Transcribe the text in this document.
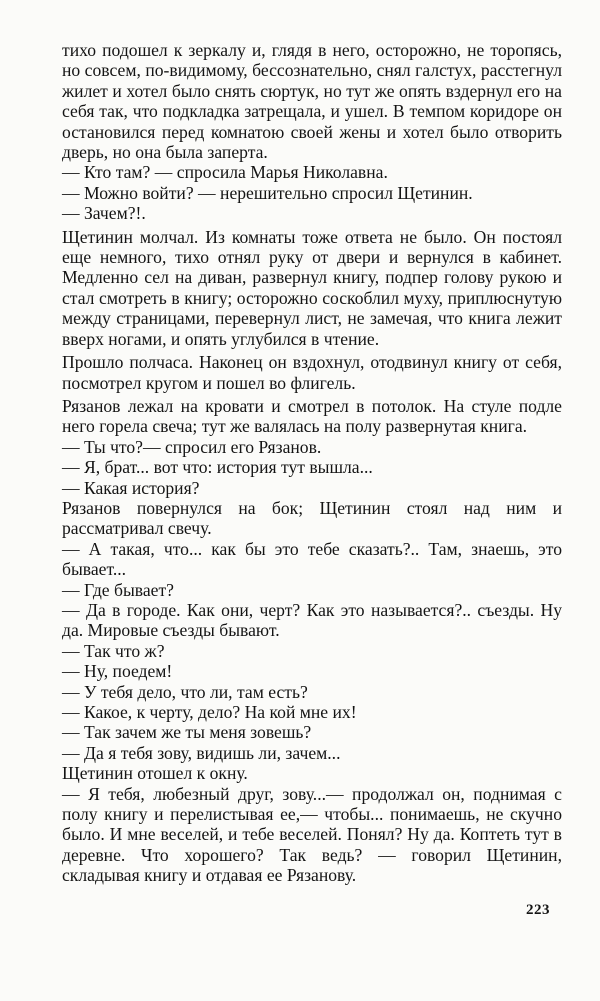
тихо подошел к зеркалу и, глядя в него, осторожно, не торопясь, но совсем, по-видимому, бессознательно, снял галстух, расстегнул жилет и хотел было снять сюртук, но тут же опять вздернул его на себя так, что подкладка затрещала, и ушел. В темпом коридоре он остановился перед комнатою своей жены и хотел было отворить дверь, но она была заперта.

— Кто там? — спросила Марья Николавна.

— Можно войти? — нерешительно спросил Щетинин.

— Зачем?!.

Щетинин молчал. Из комнаты тоже ответа не было. Он постоял еще немного, тихо отнял руку от двери и вернулся в кабинет. Медленно сел на диван, развернул книгу, подпер голову рукою и стал смотреть в книгу; осторожно соскоблил муху, приплюснутую между страницами, перевернул лист, не замечая, что книга лежит вверх ногами, и опять углубился в чтение.

Прошло полчаса. Наконец он вздохнул, отодвинул книгу от себя, посмотрел кругом и пошел во флигель.

Рязанов лежал на кровати и смотрел в потолок. На стуле подле него горела свеча; тут же валялась на полу развернутая книга.

— Ты что?— спросил его Рязанов.

— Я, брат... вот что: история тут вышла...

— Какая история?

Рязанов повернулся на бок; Щетинин стоял над ним и рассматривал свечу.

— А такая, что... как бы это тебе сказать?.. Там, знаешь, это бывает...

— Где бывает?

— Да в городе. Как они, черт? Как это называется?.. съезды. Ну да. Мировые съезды бывают.

— Так что ж?

— Ну, поедем!

— У тебя дело, что ли, там есть?

— Какое, к черту, дело? На кой мне их!

— Так зачем же ты меня зовешь?

— Да я тебя зову, видишь ли, зачем...

Щетинин отошел к окну.

— Я тебя, любезный друг, зову...— продолжал он, поднимая с полу книгу и перелистывая ее,— чтобы... понимаешь, не скучно было. И мне веселей, и тебе веселей. Понял? Ну да. Коптеть тут в деревне. Что хорошего? Так ведь? — говорил Щетинин, складывая книгу и отдавая ее Рязанову.

223
